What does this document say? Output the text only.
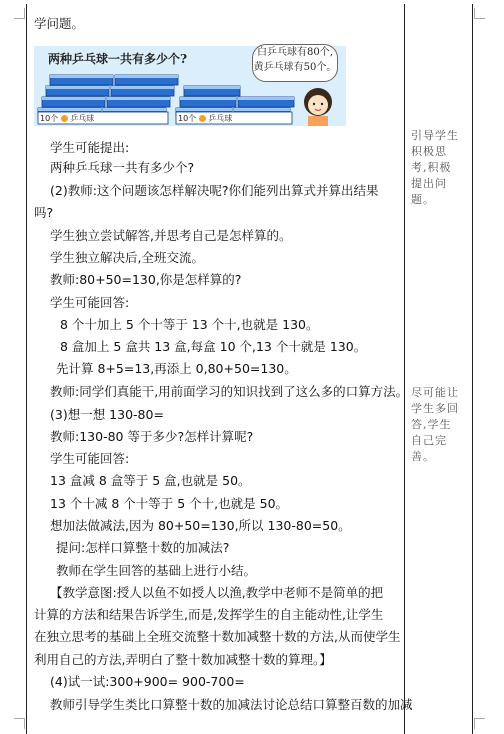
学问题。
两种乒乓球一共有多少个?	白乒乓球有80个,
黄乒乓球有50个。
10个 乒乓球	10个 乒乓球
学生可能提出:
两种乒乓球一共有多少个?
(2)教师:这个问题该怎样解决呢?你们能列出算式并算出结果
吗?
学生独立尝试解答,并思考自己是怎样算的。
学生独立解决后,全班交流。
教师:80+50=130,你是怎样算的?
学生可能回答:
8 个十加上 5 个十等于 13 个十,也就是 130。
8 盒加上 5 盒共 13 盒,每盒 10 个,13 个十就是 130。
先计算 8+5=13,再添上 0,80+50=130。
教师:同学们真能干,用前面学习的知识找到了这么多的口算方法。
(3)想一想 130-80=
教师:130-80 等于多少?怎样计算呢?
学生可能回答:
13 盒减 8 盒等于 5 盒,也就是 50。
13 个十减 8 个十等于 5 个十,也就是 50。
想加法做减法,因为 80+50=130,所以 130-80=50。
提问:怎样口算整十数的加减法?
教师在学生回答的基础上进行小结。
【教学意图:授人以鱼不如授人以渔,教学中老师不是简单的把
计算的方法和结果告诉学生,而是,发挥学生的自主能动性,让学生
在独立思考的基础上全班交流整十数加减整十数的方法,从而使学生
利用自己的方法,弄明白了整十数加减整十数的算理。】
(4)试一试:300+900= 900-700=
教师引导学生类比口算整十数的加减法讨论总结口算整百数的加减
引导学生
积极思
考,积极
提出问
题。
尽可能让
学生多回
答,学生
自己完
善。
